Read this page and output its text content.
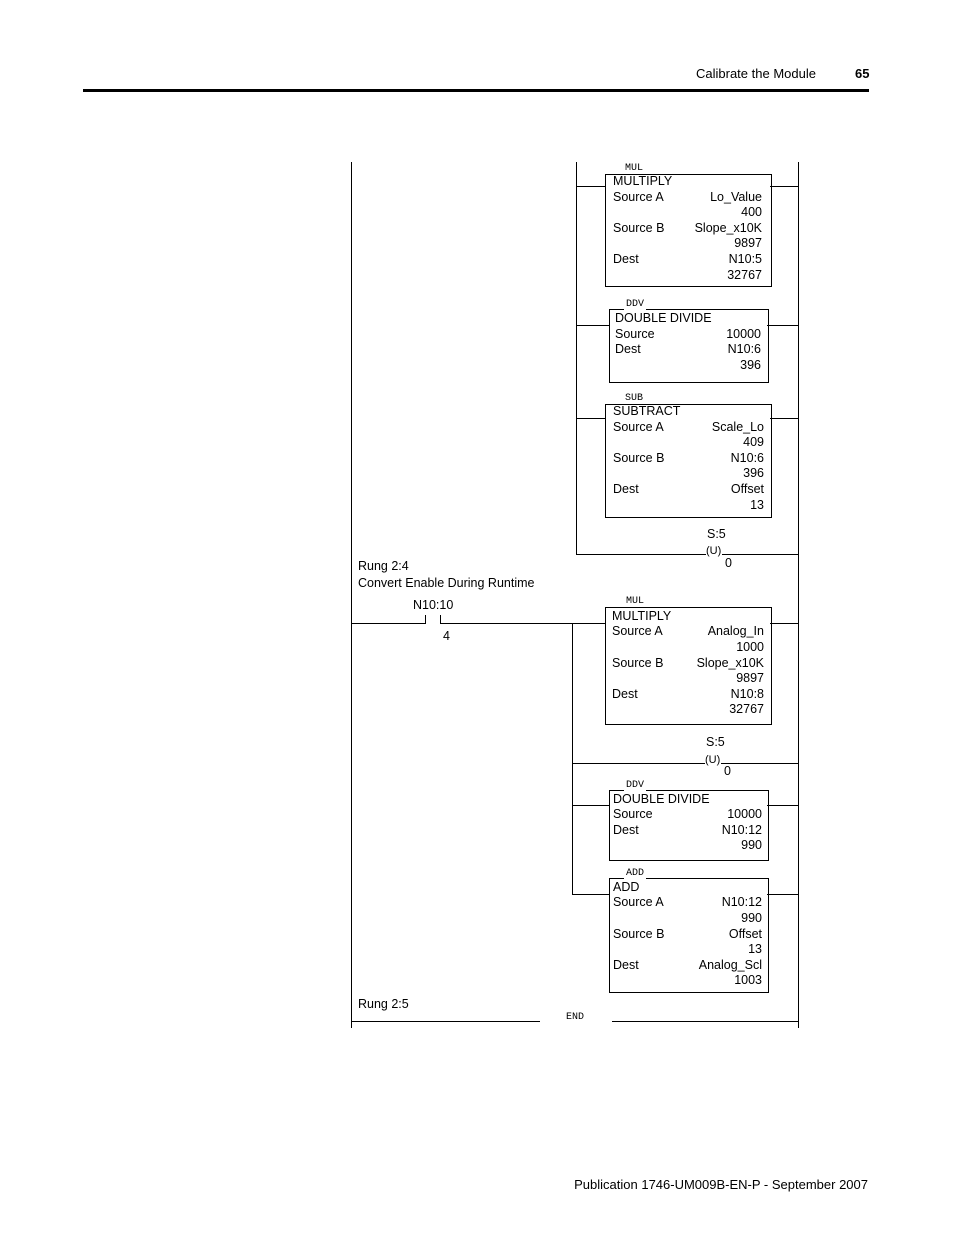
Calibrate the Module	65
MUL
MULTIPLY
Source A	Lo_Value
400
Source B Slope_x10K
9897
Dest	N10:5
32767
DDV
DOUBLE DIVIDE
Source	10000
Dest	N10:6
396
SUB
SUBTRACT
Source A	Scale_Lo
409
Source B	N10:6
396
Dest	Offset
13
S:5
(U)
0
Rung 2:4
Convert Enable During Runtime
N10:10
4
MUL
MULTIPLY
Source A	Analog_In
1000
Source B	Slope_x10K
9897
Dest	N10:8
32767
S:5
(U)
0
DDV
DOUBLE DIVIDE
Source	10000
Dest	N10:12
990
ADD
ADD
Source A	N10:12
990
Source B	Offset
13
Dest	Analog_Scl
1003
Rung 2:5
END
Publication 1746-UM009B-EN-P - September 2007
